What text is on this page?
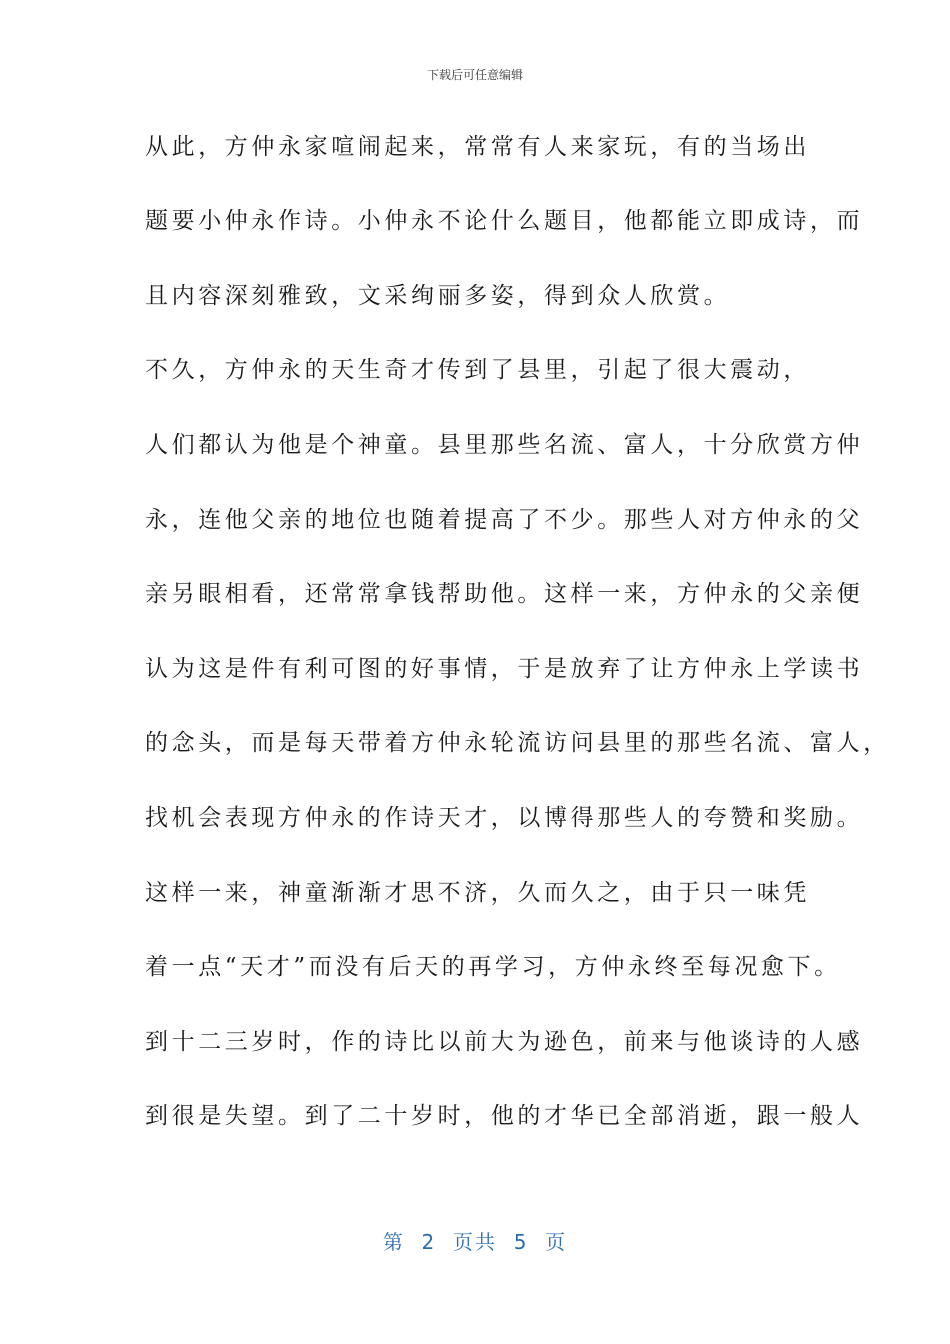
下载后可任意编辑
从此，方仲永家喧闹起来，常常有人来家玩，有的当场出
题要小仲永作诗。小仲永不论什么题目，他都能立即成诗，而
且内容深刻雅致，文采绚丽多姿，得到众人欣赏。
不久，方仲永的天生奇才传到了县里，引起了很大震动，
人们都认为他是个神童。县里那些名流、富人，十分欣赏方仲
永，连他父亲的地位也随着提高了不少。那些人对方仲永的父
亲另眼相看，还常常拿钱帮助他。这样一来，方仲永的父亲便
认为这是件有利可图的好事情，于是放弃了让方仲永上学读书
的念头，而是每天带着方仲永轮流访问县里的那些名流、富人，
找机会表现方仲永的作诗天才，以博得那些人的夸赞和奖励。
这样一来，神童渐渐才思不济，久而久之，由于只一味凭
着一点“天才”而没有后天的再学习，方仲永终至每况愈下。
到十二三岁时，作的诗比以前大为逊色，前来与他谈诗的人感
到很是失望。到了二十岁时，他的才华已全部消逝，跟一般人
第  2  页共  5  页
